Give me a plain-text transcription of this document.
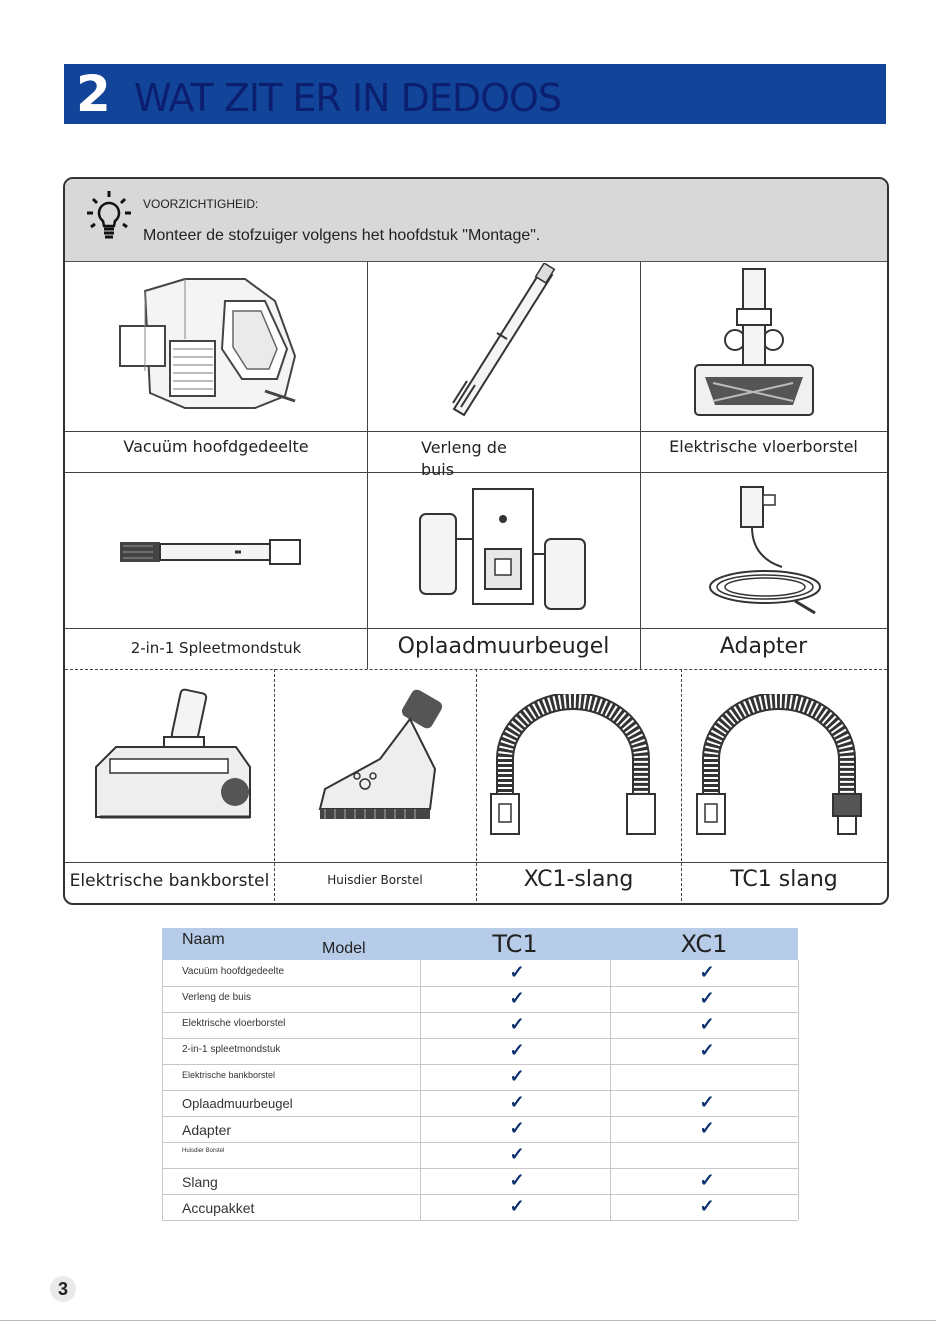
2 WAT ZIT ER IN DEDOOS
VOORZICHTIGHEID:
Monteer de stofzuiger volgens het hoofdstuk "Montage".
Vacuüm hoofdgedeelte	Verleng de buis
Elektrische vloerborstel
2-in-1 Spleetmondstuk	Oplaadmuurbeugel	Adapter
Elektrische bankborstel	Huisdier Borstel	XC1-slang	TC1 slang
Naam
Model	TC1	XC1
Vacuüm hoofdgedeelte	✓	✓
Verleng de buis	✓	✓
Elektrische vloerborstel	✓	✓
2-in-1 spleetmondstuk	✓	✓
Elektrische bankborstel	✓
Oplaadmuurbeugel	✓	✓
Adapter	✓	✓
Huisdier Borstel	✓
Slang	✓	✓
Accupakket	✓	✓
3
